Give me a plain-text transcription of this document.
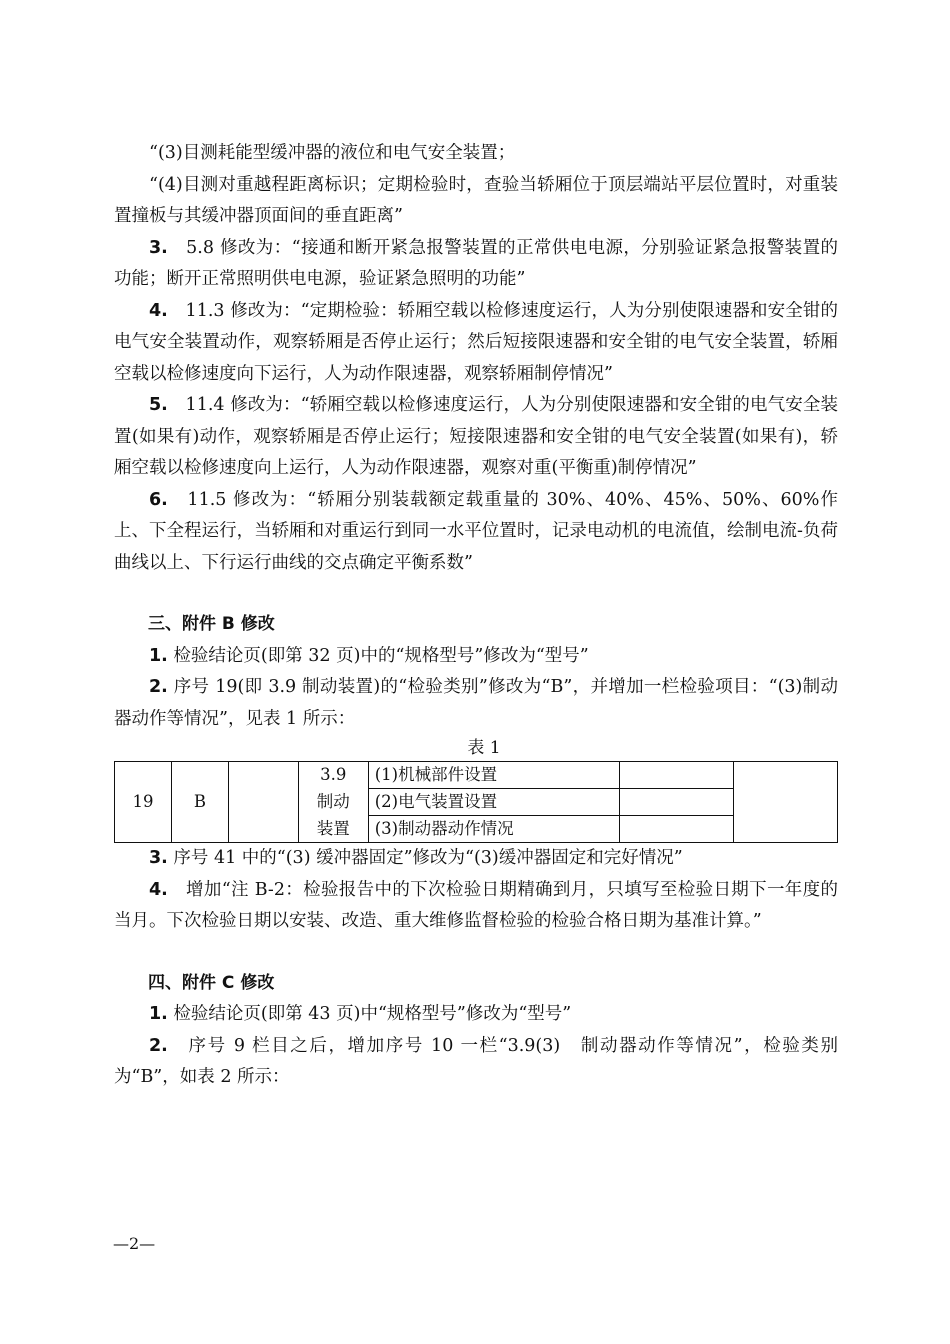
“(3)目测耗能型缓冲器的液位和电气安全装置；

“(4)目测对重越程距离标识；定期检验时，查验当轿厢位于顶层端站平层位置时，对重装置撞板与其缓冲器顶面间的垂直距离”

3.　5.8 修改为：“接通和断开紧急报警装置的正常供电电源，分别验证紧急报警装置的功能；断开正常照明供电电源，验证紧急照明的功能”

4.　11.3 修改为：“定期检验：轿厢空载以检修速度运行，人为分别使限速器和安全钳的电气安全装置动作，观察轿厢是否停止运行；然后短接限速器和安全钳的电气安全装置，轿厢空载以检修速度向下运行，人为动作限速器，观察轿厢制停情况”

5.　11.4 修改为：“轿厢空载以检修速度运行，人为分别使限速器和安全钳的电气安全装置(如果有)动作，观察轿厢是否停止运行；短接限速器和安全钳的电气安全装置(如果有)，轿厢空载以检修速度向上运行，人为动作限速器，观察对重(平衡重)制停情况”

6.　11.5 修改为：“轿厢分别装载额定载重量的 30%、40%、45%、50%、60%作上、下全程运行，当轿厢和对重运行到同一水平位置时，记录电动机的电流值，绘制电流-负荷曲线以上、下行运行曲线的交点确定平衡系数”

三、附件 B 修改

1. 检验结论页(即第 32 页)中的“规格型号”修改为“型号”

2. 序号 19(即 3.9 制动装置)的“检验类别”修改为“B”，并增加一栏检验项目：“(3)制动器动作等情况”，见表 1 所示：

表 1
19	B		3.9	(1)机械部件设置		
			制动	(2)电气装置设置		
			装置	(3)制动器动作情况		

3. 序号 41 中的“(3) 缓冲器固定”修改为“(3)缓冲器固定和完好情况”

4.　增加“注 B-2：检验报告中的下次检验日期精确到月，只填写至检验日期下一年度的当月。下次检验日期以安装、改造、重大维修监督检验的检验合格日期为基准计算。”

四、附件 C 修改

1. 检验结论页(即第 43 页)中“规格型号”修改为“型号”

2.　序号 9 栏目之后，增加序号 10 一栏“3.9(3)　制动器动作等情况”，检验类别为“B”，如表 2 所示：

—2—
